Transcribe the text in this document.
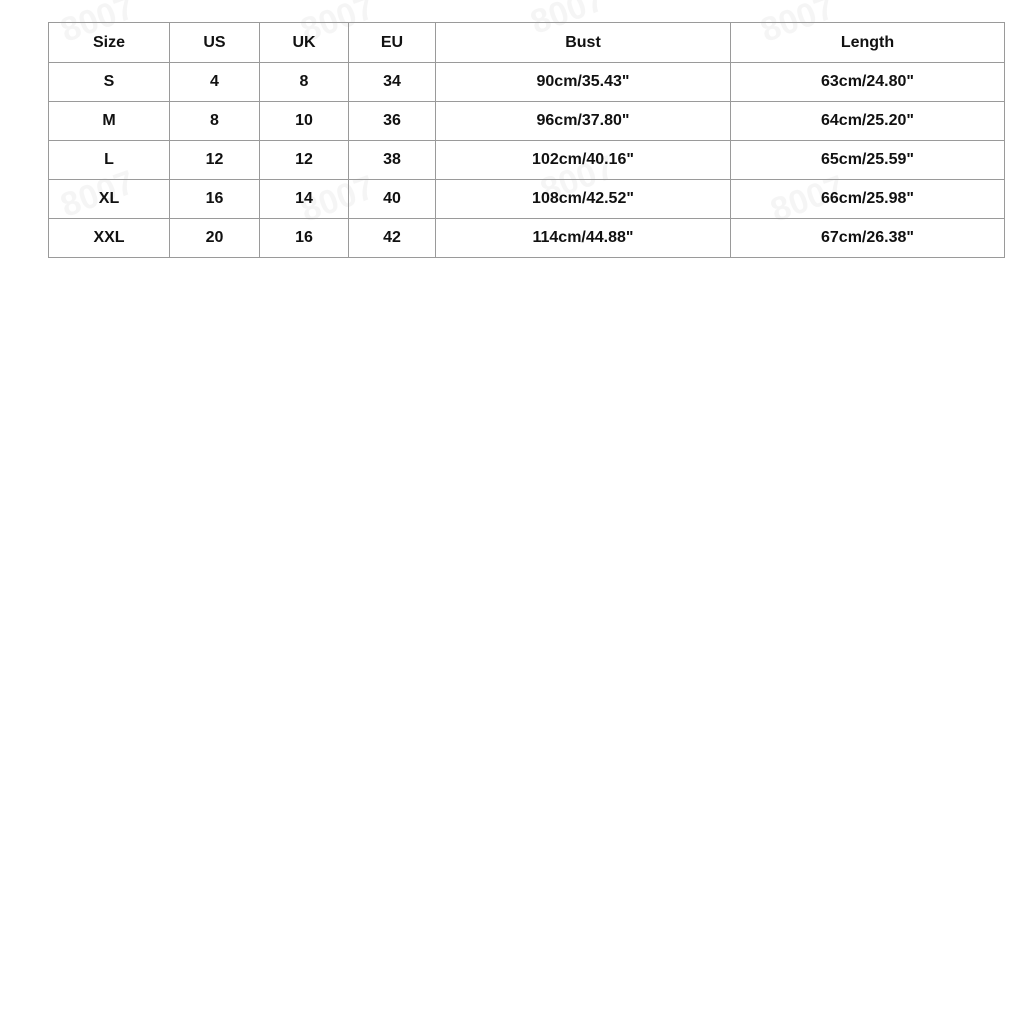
Size	US	UK	EU	Bust	Length
S	4	8	34	90cm/35.43"	63cm/24.80"
M	8	10	36	96cm/37.80"	64cm/25.20"
L	12	12	38	102cm/40.16"	65cm/25.59"
XL	16	14	40	108cm/42.52"	66cm/25.98"
XXL	20	16	42	114cm/44.88"	67cm/26.38"
